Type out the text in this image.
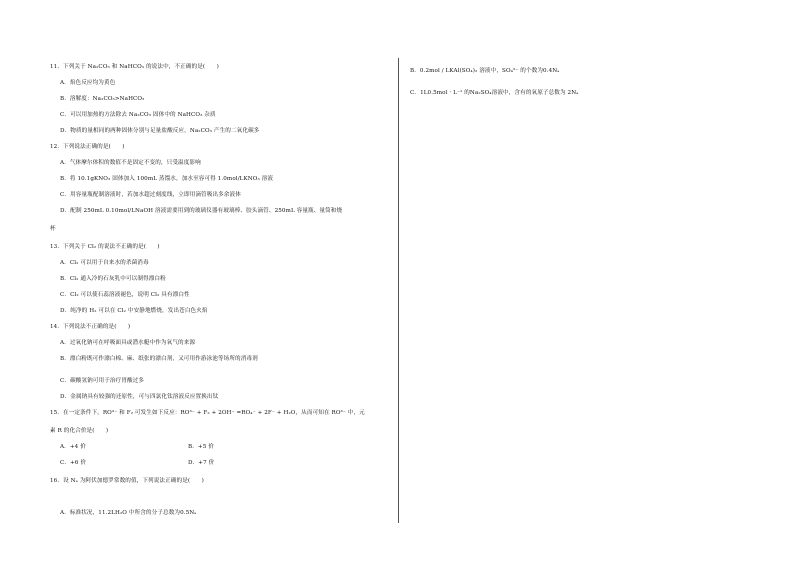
11．下列关于 Na₂CO₃ 和 NaHCO₃ 的说法中，不正确的是(　　)
A．焰色反应均为黄色
B．溶解度：Na₂CO₃>NaHCO₃
C．可以用加热的方法除去 Na₂CO₃ 固体中的 NaHCO₃ 杂质
D．物质的量相同的两种固体分别与足量盐酸反应，Na₂CO₃ 产生的二氧化碳多
12．下列说法正确的是(　　)
A．气体摩尔体积的数值不是固定不变的，只受温度影响
B．将 10.1gKNO₃ 固体加入 100mL 蒸馏水，加水至容可得 1.0mol/LKNO₃ 溶液
C．用容量瓶配制溶液时，若加水超过刻度线，立即用滴管吸出多余液体
D．配制 250mL 0.10mol/LNaOH 溶液需要用到的玻璃仪器有玻璃棒、胶头滴管、250mL 容量瓶、量筒和烧
杯
13．下列关于 Cl₂ 的说法不正确的是(　　)
A．Cl₂ 可以用于自来水的杀菌消毒
B．Cl₂ 通入冷的石灰乳中可以制得漂白粉
C．Cl₂ 可以使石蕊溶液褪色，说明 Cl₂ 具有漂白性
D．纯净的 H₂ 可以在 Cl₂ 中安静地燃烧，发出苍白色火焰
14．下列说法不正确的是(　　)
A．过氧化钠可在呼吸面具或潜水艇中作为氧气的来源
B．漂白粉既可作漂白棉、麻、纸张的漂白剂，又可用作游泳池等场所的消毒剂
C．碳酸氢钠可用于治疗胃酸过多
D．金属钠具有较强的还原性，可与四氯化钛溶液反应置换出钛
15．在一定条件下，RO³⁻ 和 F₂ 可发生如下反应：RO³⁻ + F₂ + 2OH⁻ =RO₄⁻ + 2F⁻ + H₂O，从而可知在 RO³⁻ 中，元
素 R 的化合价是(　　)
A．+4 价	B．+5 价
C．+6 价	D．+7 价
16．设 Nₐ 为阿伏加德罗常数的值，下列说法正确的是(　　)
A．标准状况，11.2LH₂O 中所含的分子总数为0.5Nₐ
B．0.2mol / LKAl(SO₄)₂ 溶液中，SO₄²⁻ 的个数为0.4Nₐ
C．1L0.5mol · L⁻¹ 的Na₂SO₄溶液中，含有的氧原子总数为 2Nₐ
